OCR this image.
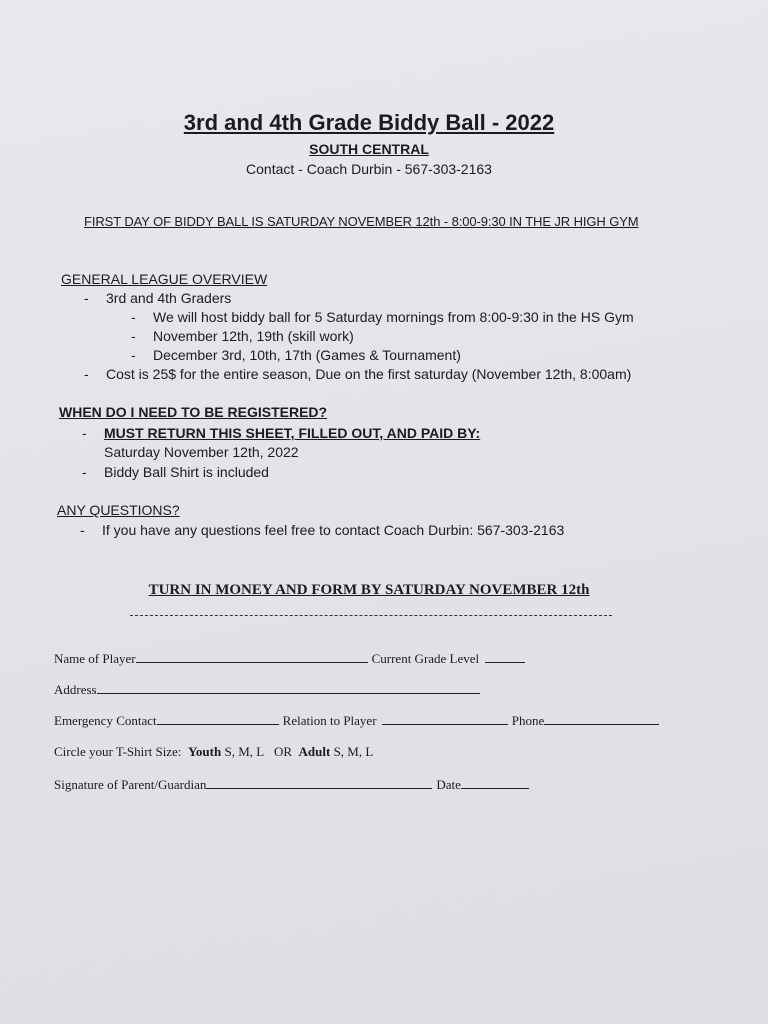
3rd and 4th Grade Biddy Ball - 2022
SOUTH CENTRAL
Contact - Coach Durbin - 567-303-2163
FIRST DAY OF BIDDY BALL IS SATURDAY NOVEMBER 12th - 8:00-9:30 IN THE JR HIGH GYM
GENERAL LEAGUE OVERVIEW
- 3rd and 4th Graders
- We will host biddy ball for 5 Saturday mornings from 8:00-9:30 in the HS Gym
- November 12th, 19th (skill work)
- December 3rd, 10th, 17th (Games & Tournament)
- Cost is 25$ for the entire season, Due on the first saturday (November 12th, 8:00am)
WHEN DO I NEED TO BE REGISTERED?
- MUST RETURN THIS SHEET, FILLED OUT, AND PAID BY:
Saturday November 12th, 2022
- Biddy Ball Shirt is included
ANY QUESTIONS?
- If you have any questions feel free to contact Coach Durbin: 567-303-2163
TURN IN MONEY AND FORM BY SATURDAY NOVEMBER 12th
Name of Player	Current Grade Level
Address
Emergency Contact	Relation to Player	Phone
Circle your T-Shirt Size: Youth S, M, L OR Adult S, M, L
Signature of Parent/Guardian	Date
